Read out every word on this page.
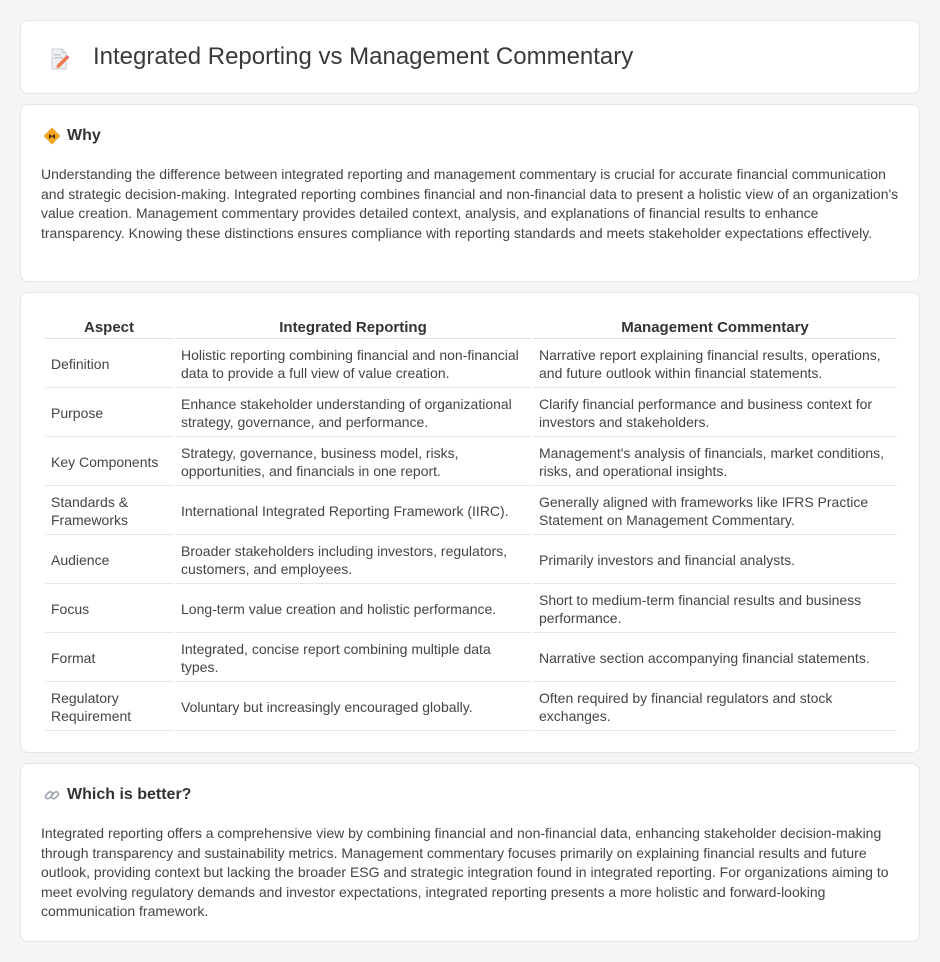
Integrated Reporting vs Management Commentary
Why

Understanding the difference between integrated reporting and management commentary is crucial for accurate financial communication and strategic decision-making. Integrated reporting combines financial and non-financial data to present a holistic view of an organization's value creation. Management commentary provides detailed context, analysis, and explanations of financial results to enhance transparency. Knowing these distinctions ensures compliance with reporting standards and meets stakeholder expectations effectively.

Aspect	Integrated Reporting	Management Commentary
Definition	Holistic reporting combining financial and non-financial data to provide a full view of value creation.	Narrative report explaining financial results, operations, and future outlook within financial statements.
Purpose	Enhance stakeholder understanding of organizational strategy, governance, and performance.	Clarify financial performance and business context for investors and stakeholders.
Key Components	Strategy, governance, business model, risks, opportunities, and financials in one report.	Management's analysis of financials, market conditions, risks, and operational insights.
Standards & Frameworks	International Integrated Reporting Framework (IIRC).	Generally aligned with frameworks like IFRS Practice Statement on Management Commentary.
Audience	Broader stakeholders including investors, regulators, customers, and employees.	Primarily investors and financial analysts.
Focus	Long-term value creation and holistic performance.	Short to medium-term financial results and business performance.
Format	Integrated, concise report combining multiple data types.	Narrative section accompanying financial statements.
Regulatory Requirement	Voluntary but increasingly encouraged globally.	Often required by financial regulators and stock exchanges.
Which is better?

Integrated reporting offers a comprehensive view by combining financial and non-financial data, enhancing stakeholder decision-making through transparency and sustainability metrics. Management commentary focuses primarily on explaining financial results and future outlook, providing context but lacking the broader ESG and strategic integration found in integrated reporting. For organizations aiming to meet evolving regulatory demands and investor expectations, integrated reporting presents a more holistic and forward-looking communication framework.
